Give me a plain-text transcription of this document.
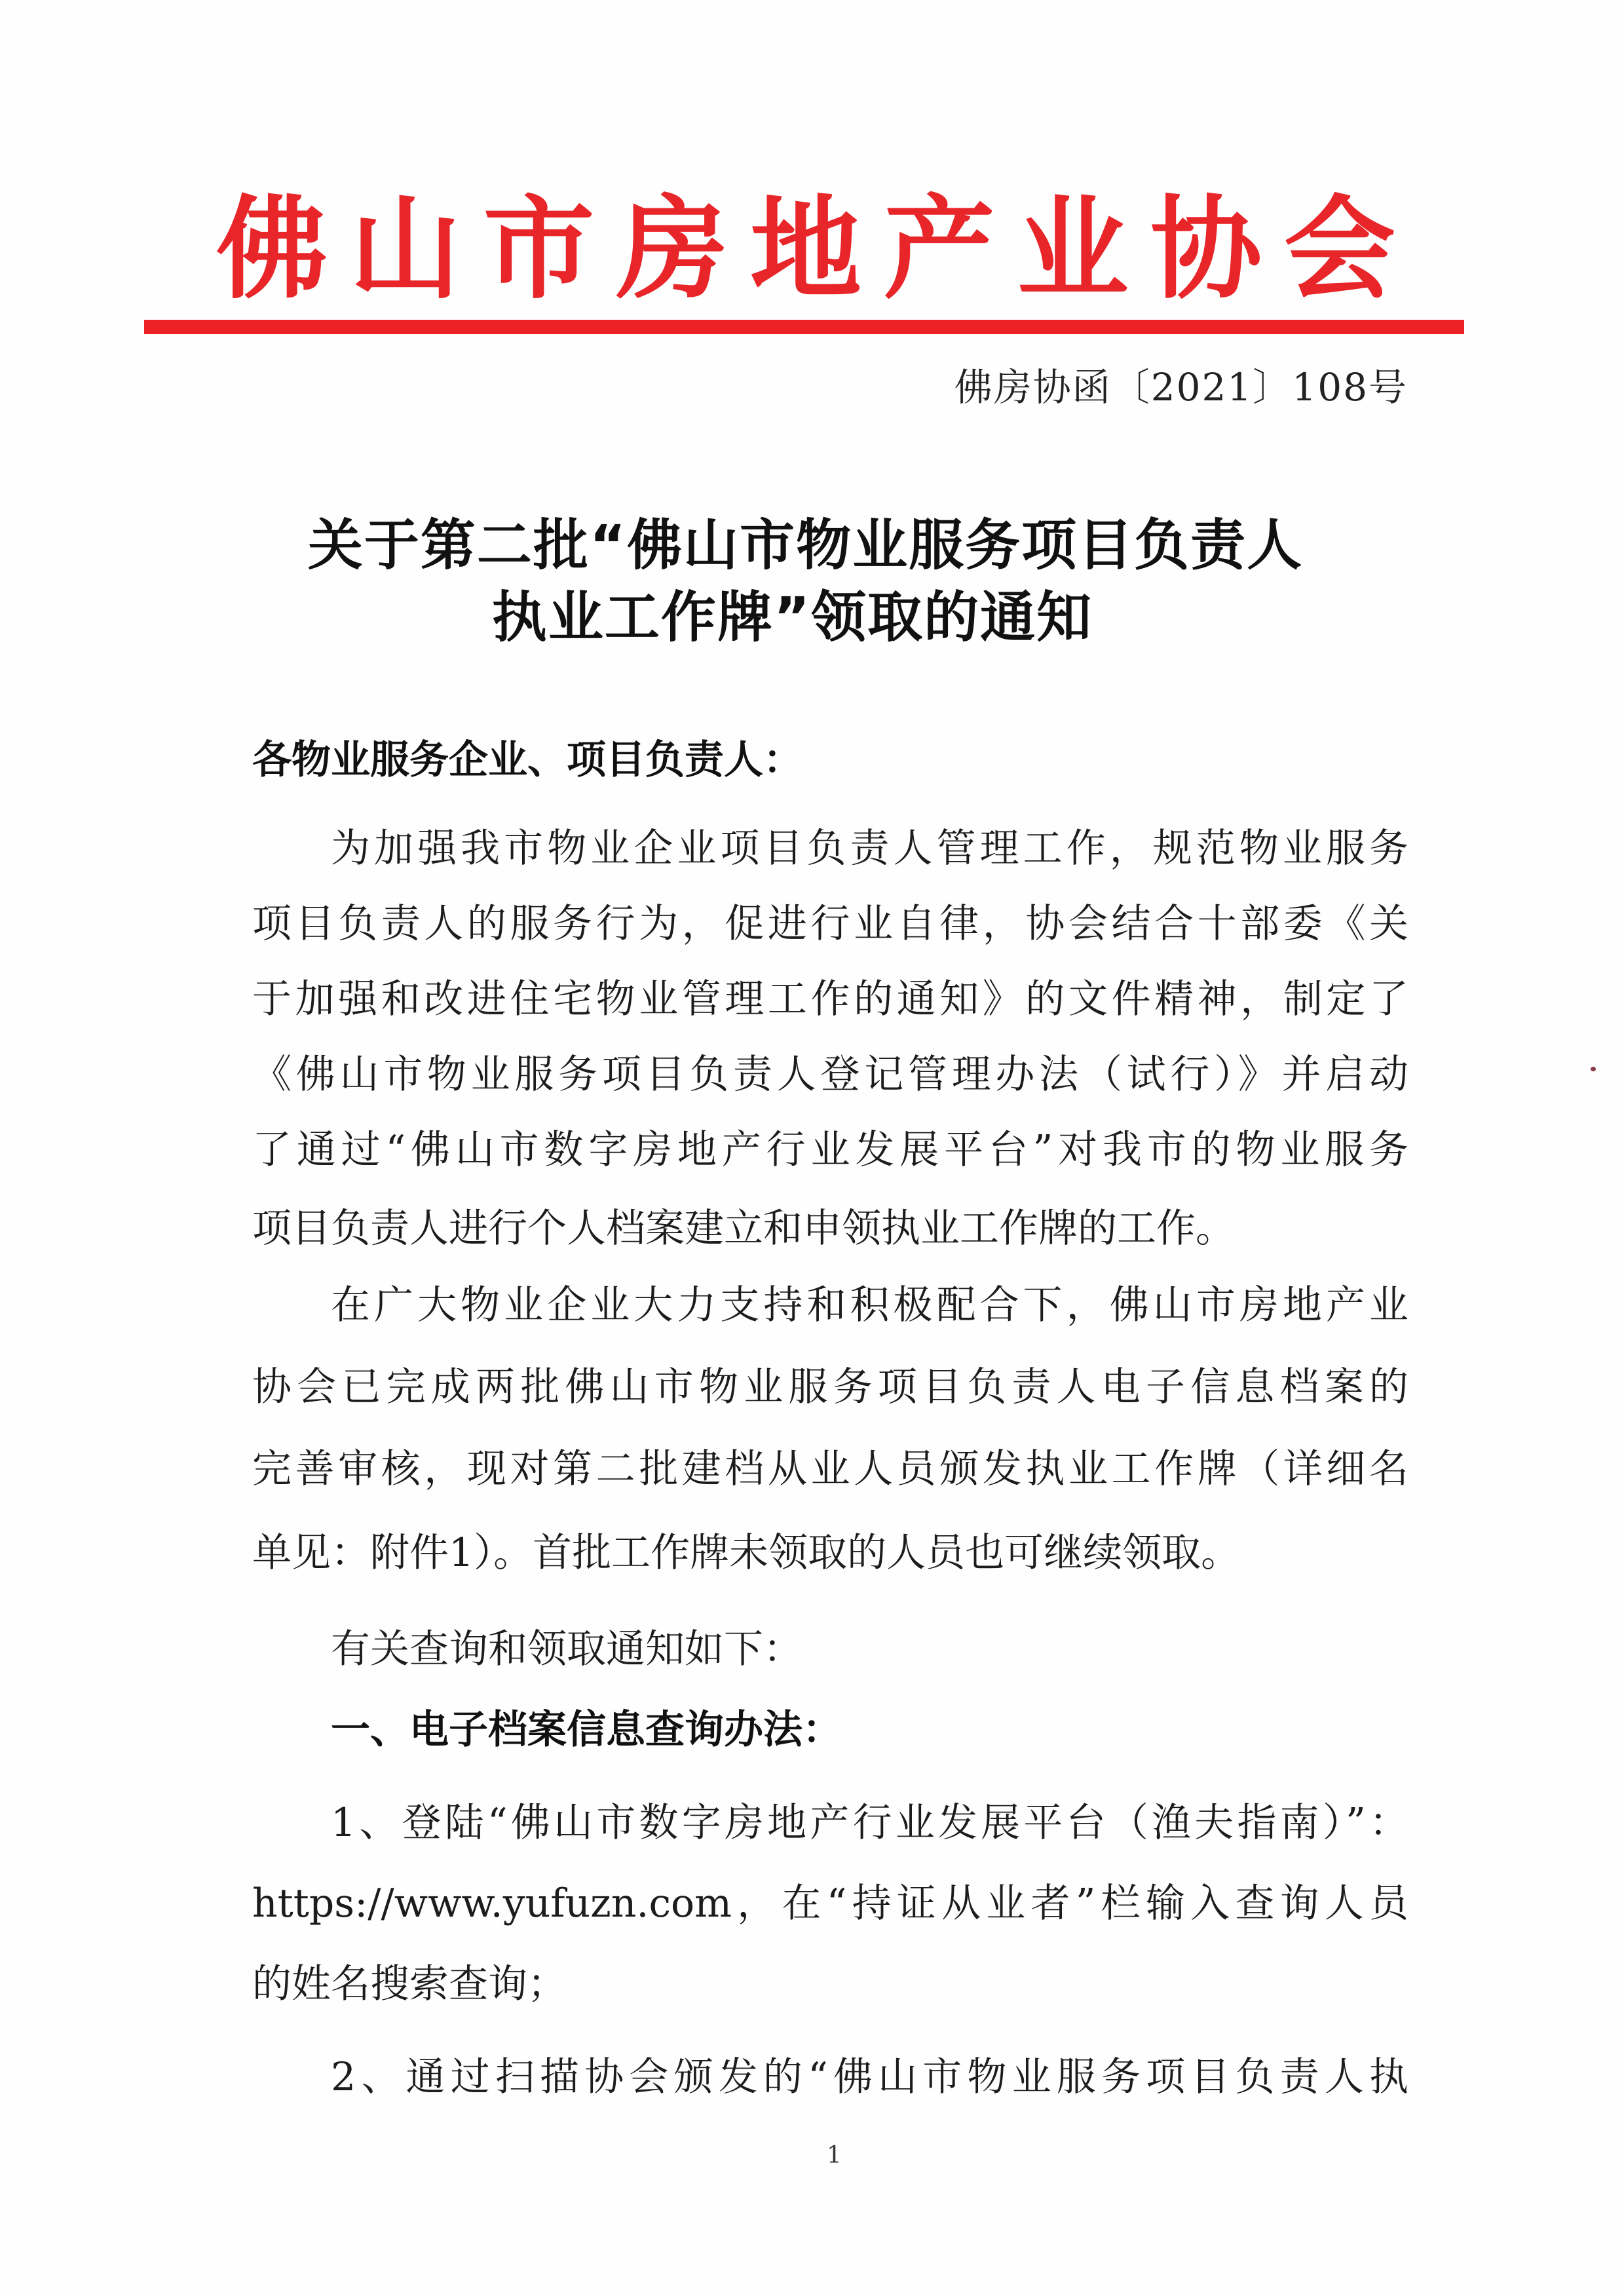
佛 山 市 房 地 产 业 协 会
佛房协函〔2021〕108号
关于第二批“佛山市物业服务项目负责人
执业工作牌”领取的通知
各物业服务企业、项目负责人：
为加强我市物业企业项目负责人管理工作，规范物业服务
项目负责人的服务行为，促进行业自律，协会结合十部委《关
于加强和改进住宅物业管理工作的通知》的文件精神，制定了
《佛山市物业服务项目负责人登记管理办法（试行）》并启动
了通过“佛山市数字房地产行业发展平台”对我市的物业服务
项目负责人进行个人档案建立和申领执业工作牌的工作。
在广大物业企业大力支持和积极配合下，佛山市房地产业
协会已完成两批佛山市物业服务项目负责人电子信息档案的
完善审核，现对第二批建档从业人员颁发执业工作牌（详细名
单见：附件1）。首批工作牌未领取的人员也可继续领取。
有关查询和领取通知如下：
一、电子档案信息查询办法：
1、登陆“佛山市数字房地产行业发展平台（渔夫指南）”：
https://www.yufuzn.com，在“持证从业者”栏输入查询人员
的姓名搜索查询；
2、通过扫描协会颁发的“佛山市物业服务项目负责人执
1
